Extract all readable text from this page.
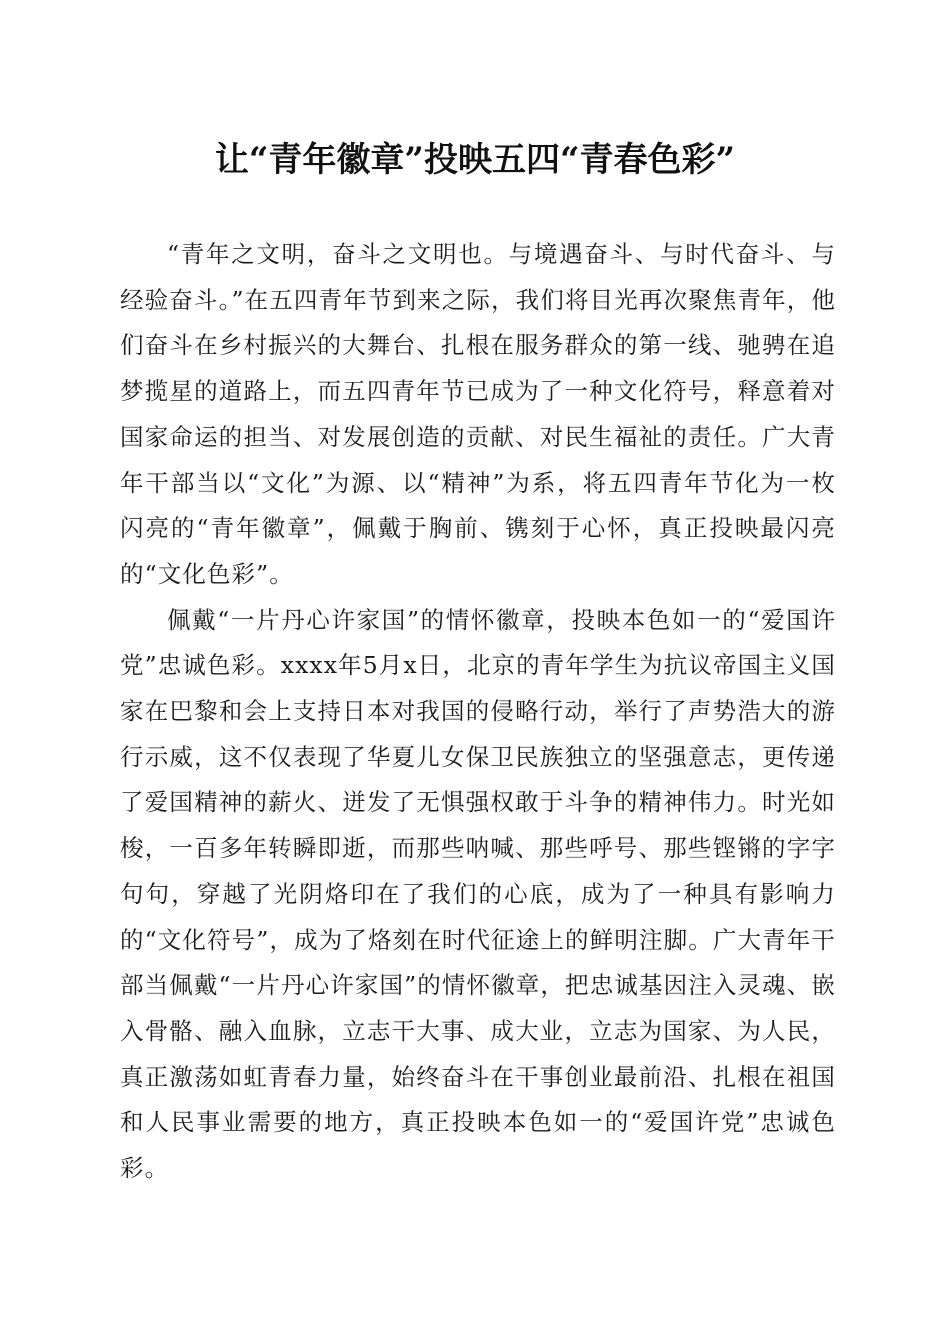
让“青年徽章”投映五四“青春色彩”

“青年之文明，奋斗之文明也。与境遇奋斗、与时代奋斗、与经验奋斗。”在五四青年节到来之际，我们将目光再次聚焦青年，他们奋斗在乡村振兴的大舞台、扎根在服务群众的第一线、驰骋在追梦揽星的道路上，而五四青年节已成为了一种文化符号，释意着对国家命运的担当、对发展创造的贡献、对民生福祉的责任。广大青年干部当以“文化”为源、以“精神”为系，将五四青年节化为一枚闪亮的“青年徽章”，佩戴于胸前、镌刻于心怀，真正投映最闪亮的“文化色彩”。

佩戴“一片丹心许家国”的情怀徽章，投映本色如一的“爱国许党”忠诚色彩。xxxx年5月x日，北京的青年学生为抗议帝国主义国家在巴黎和会上支持日本对我国的侵略行动，举行了声势浩大的游行示威，这不仅表现了华夏儿女保卫民族独立的坚强意志，更传递了爱国精神的薪火、迸发了无惧强权敢于斗争的精神伟力。时光如梭，一百多年转瞬即逝，而那些呐喊、那些呼号、那些铿锵的字字句句，穿越了光阴烙印在了我们的心底，成为了一种具有影响力的“文化符号”，成为了烙刻在时代征途上的鲜明注脚。广大青年干部当佩戴“一片丹心许家国”的情怀徽章，把忠诚基因注入灵魂、嵌入骨骼、融入血脉，立志干大事、成大业，立志为国家、为人民，真正激荡如虹青春力量，始终奋斗在干事创业最前沿、扎根在祖国和人民事业需要的地方，真正投映本色如一的“爱国许党”忠诚色彩。
